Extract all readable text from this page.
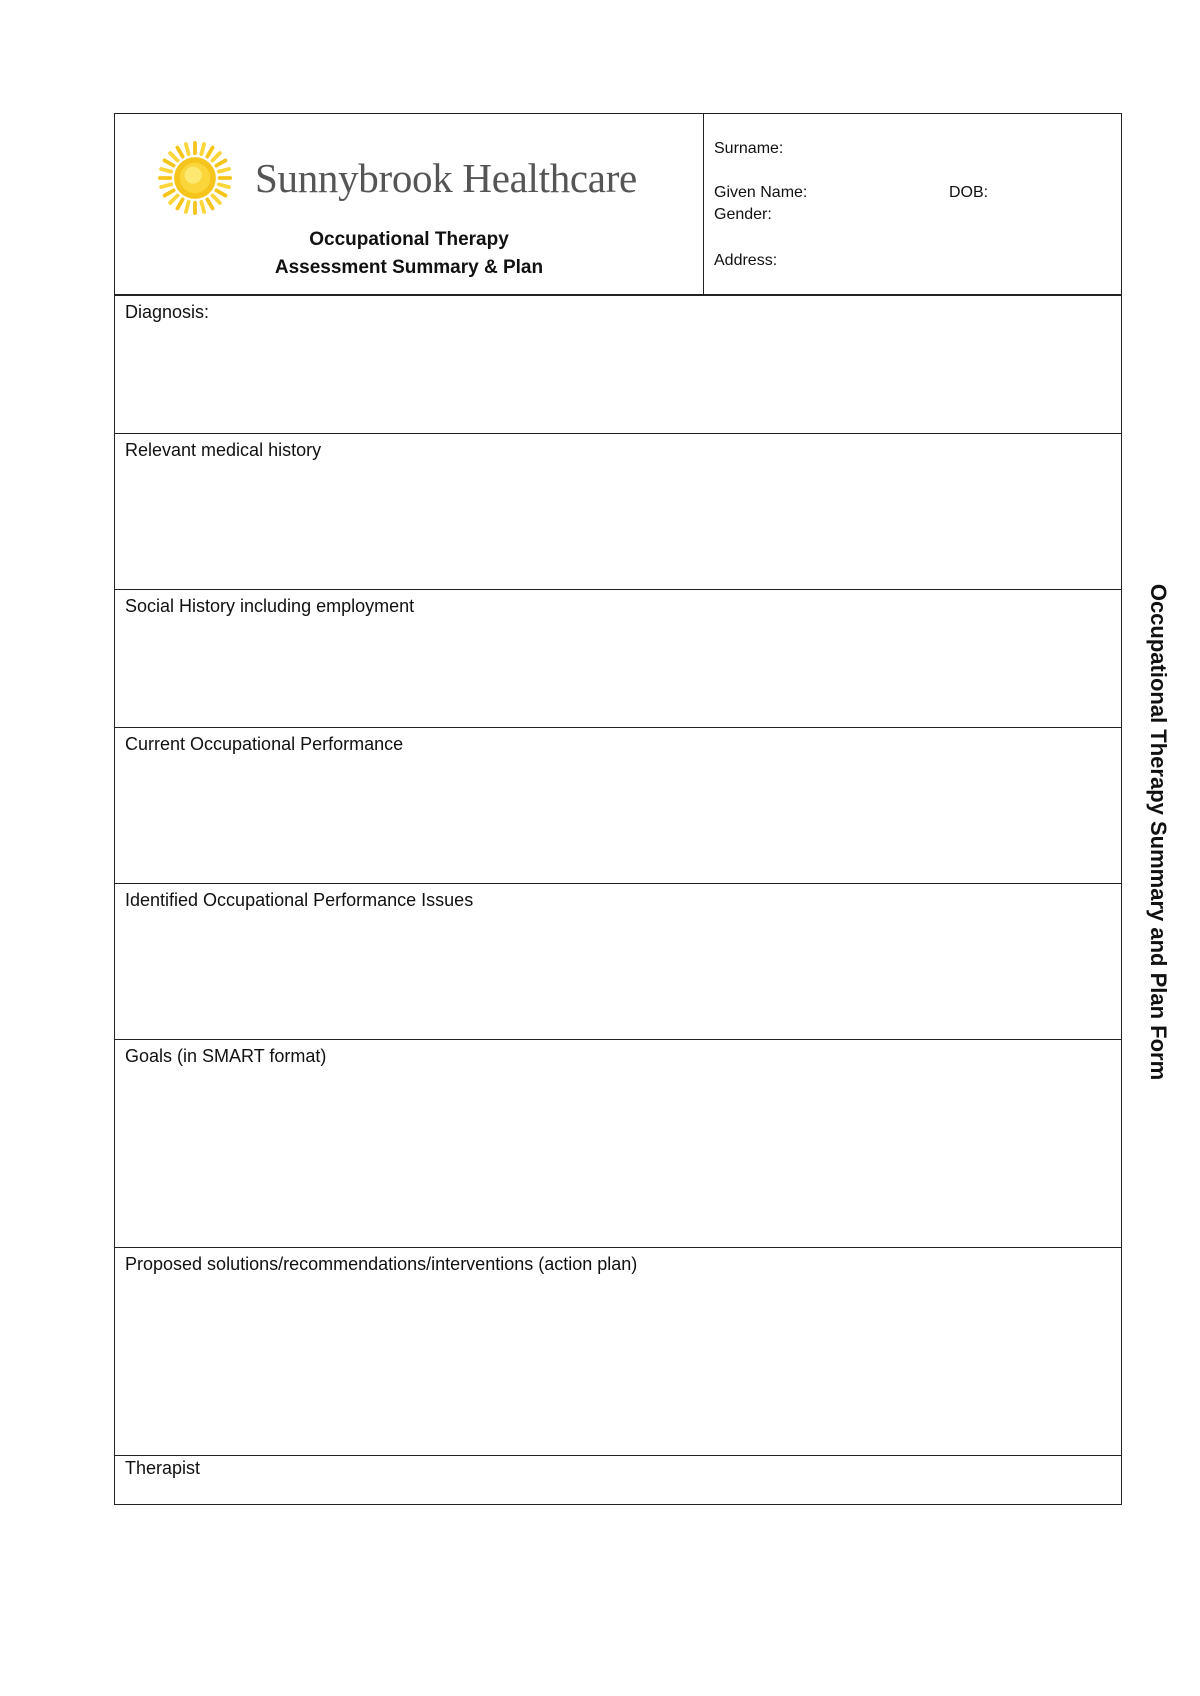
Sunnybrook Healthcare
Occupational Therapy
Assessment Summary & Plan
Surname:
Given Name:	DOB:
Gender:
Address:
Diagnosis:
Relevant medical history
Social History including employment
Current Occupational Performance
Identified Occupational Performance Issues
Goals (in SMART format)
Proposed solutions/recommendations/interventions (action plan)
Therapist
Occupational Therapy Summary and Plan Form
